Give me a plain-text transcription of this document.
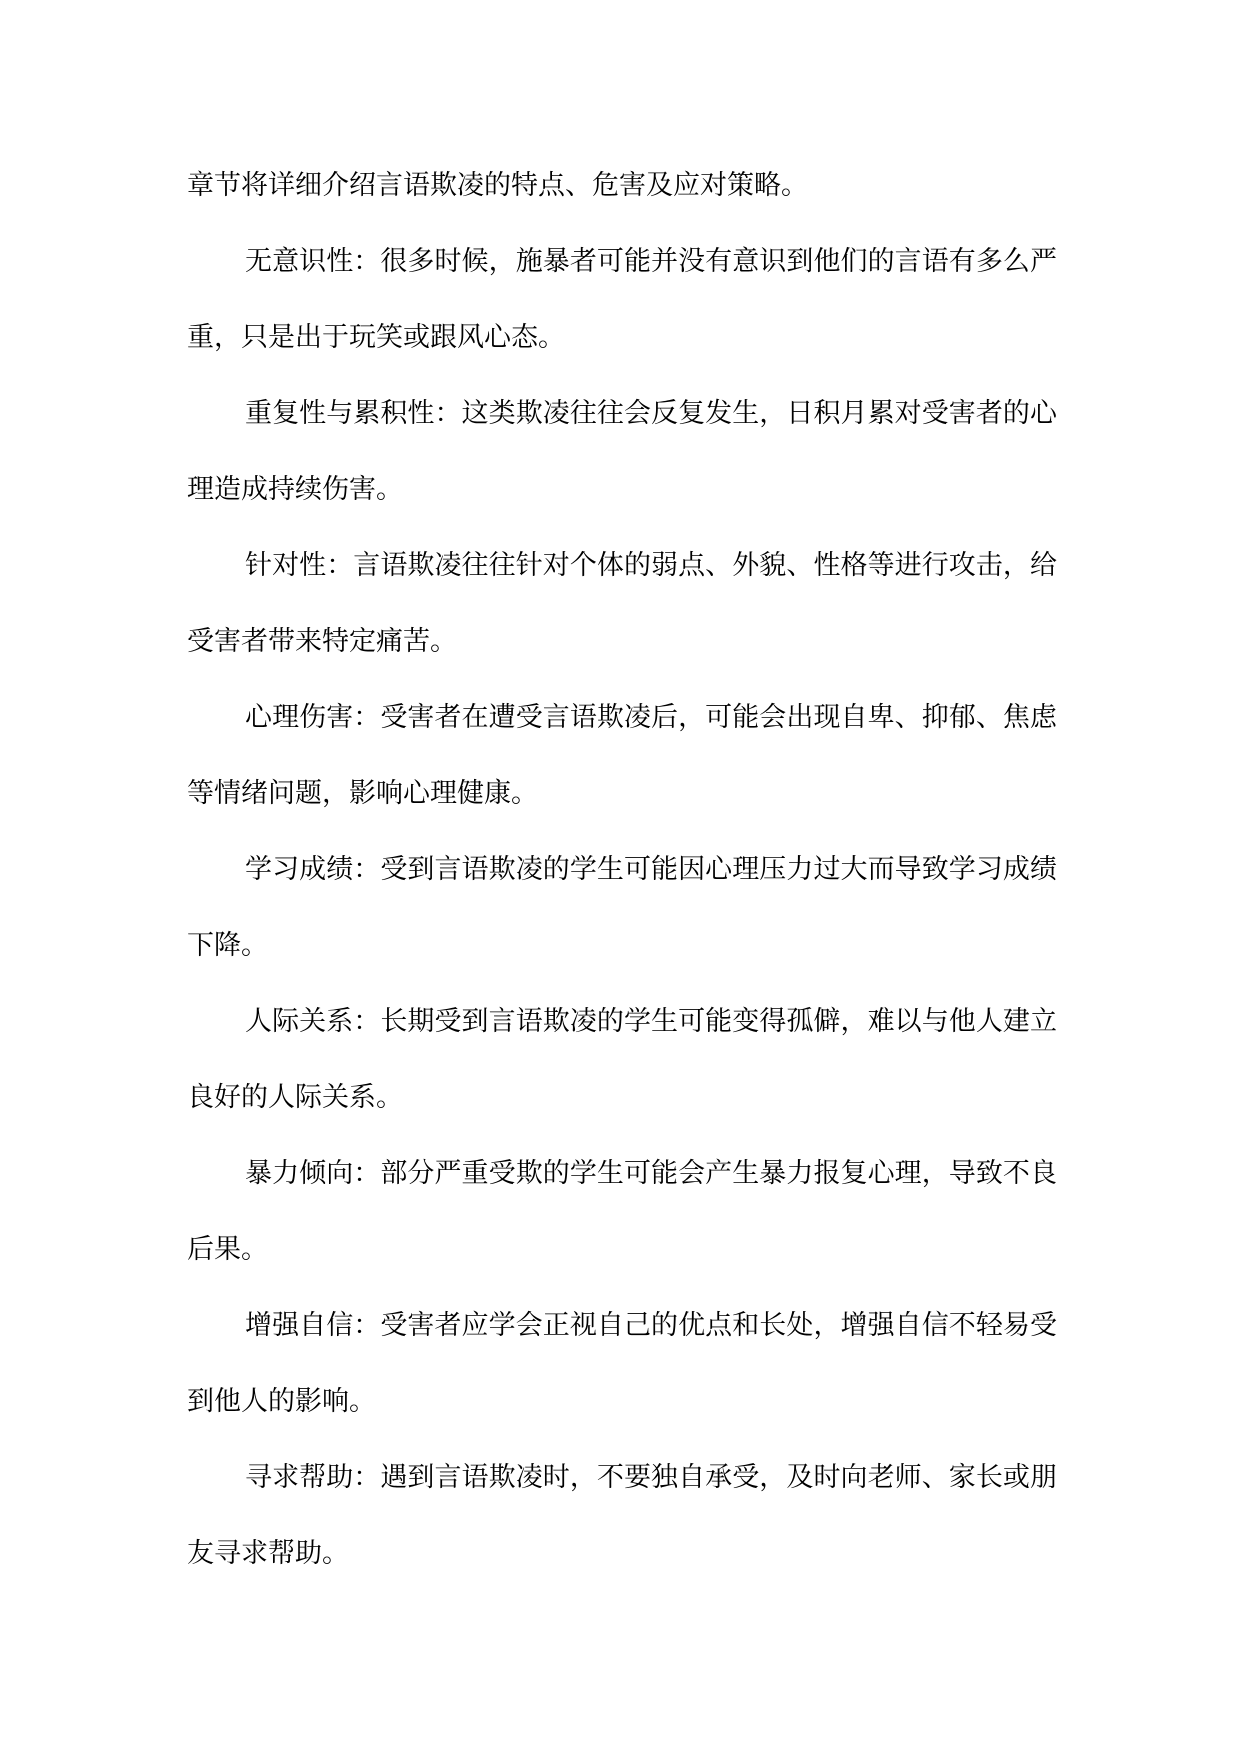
章节将详细介绍言语欺凌的特点、危害及应对策略。

无意识性：很多时候，施暴者可能并没有意识到他们的言语有多么严重，只是出于玩笑或跟风心态。

重复性与累积性：这类欺凌往往会反复发生，日积月累对受害者的心理造成持续伤害。

针对性：言语欺凌往往针对个体的弱点、外貌、性格等进行攻击，给受害者带来特定痛苦。

心理伤害：受害者在遭受言语欺凌后，可能会出现自卑、抑郁、焦虑等情绪问题，影响心理健康。

学习成绩：受到言语欺凌的学生可能因心理压力过大而导致学习成绩下降。

人际关系：长期受到言语欺凌的学生可能变得孤僻，难以与他人建立良好的人际关系。

暴力倾向：部分严重受欺的学生可能会产生暴力报复心理，导致不良后果。

增强自信：受害者应学会正视自己的优点和长处，增强自信不轻易受到他人的影响。

寻求帮助：遇到言语欺凌时，不要独自承受，及时向老师、家长或朋友寻求帮助。
